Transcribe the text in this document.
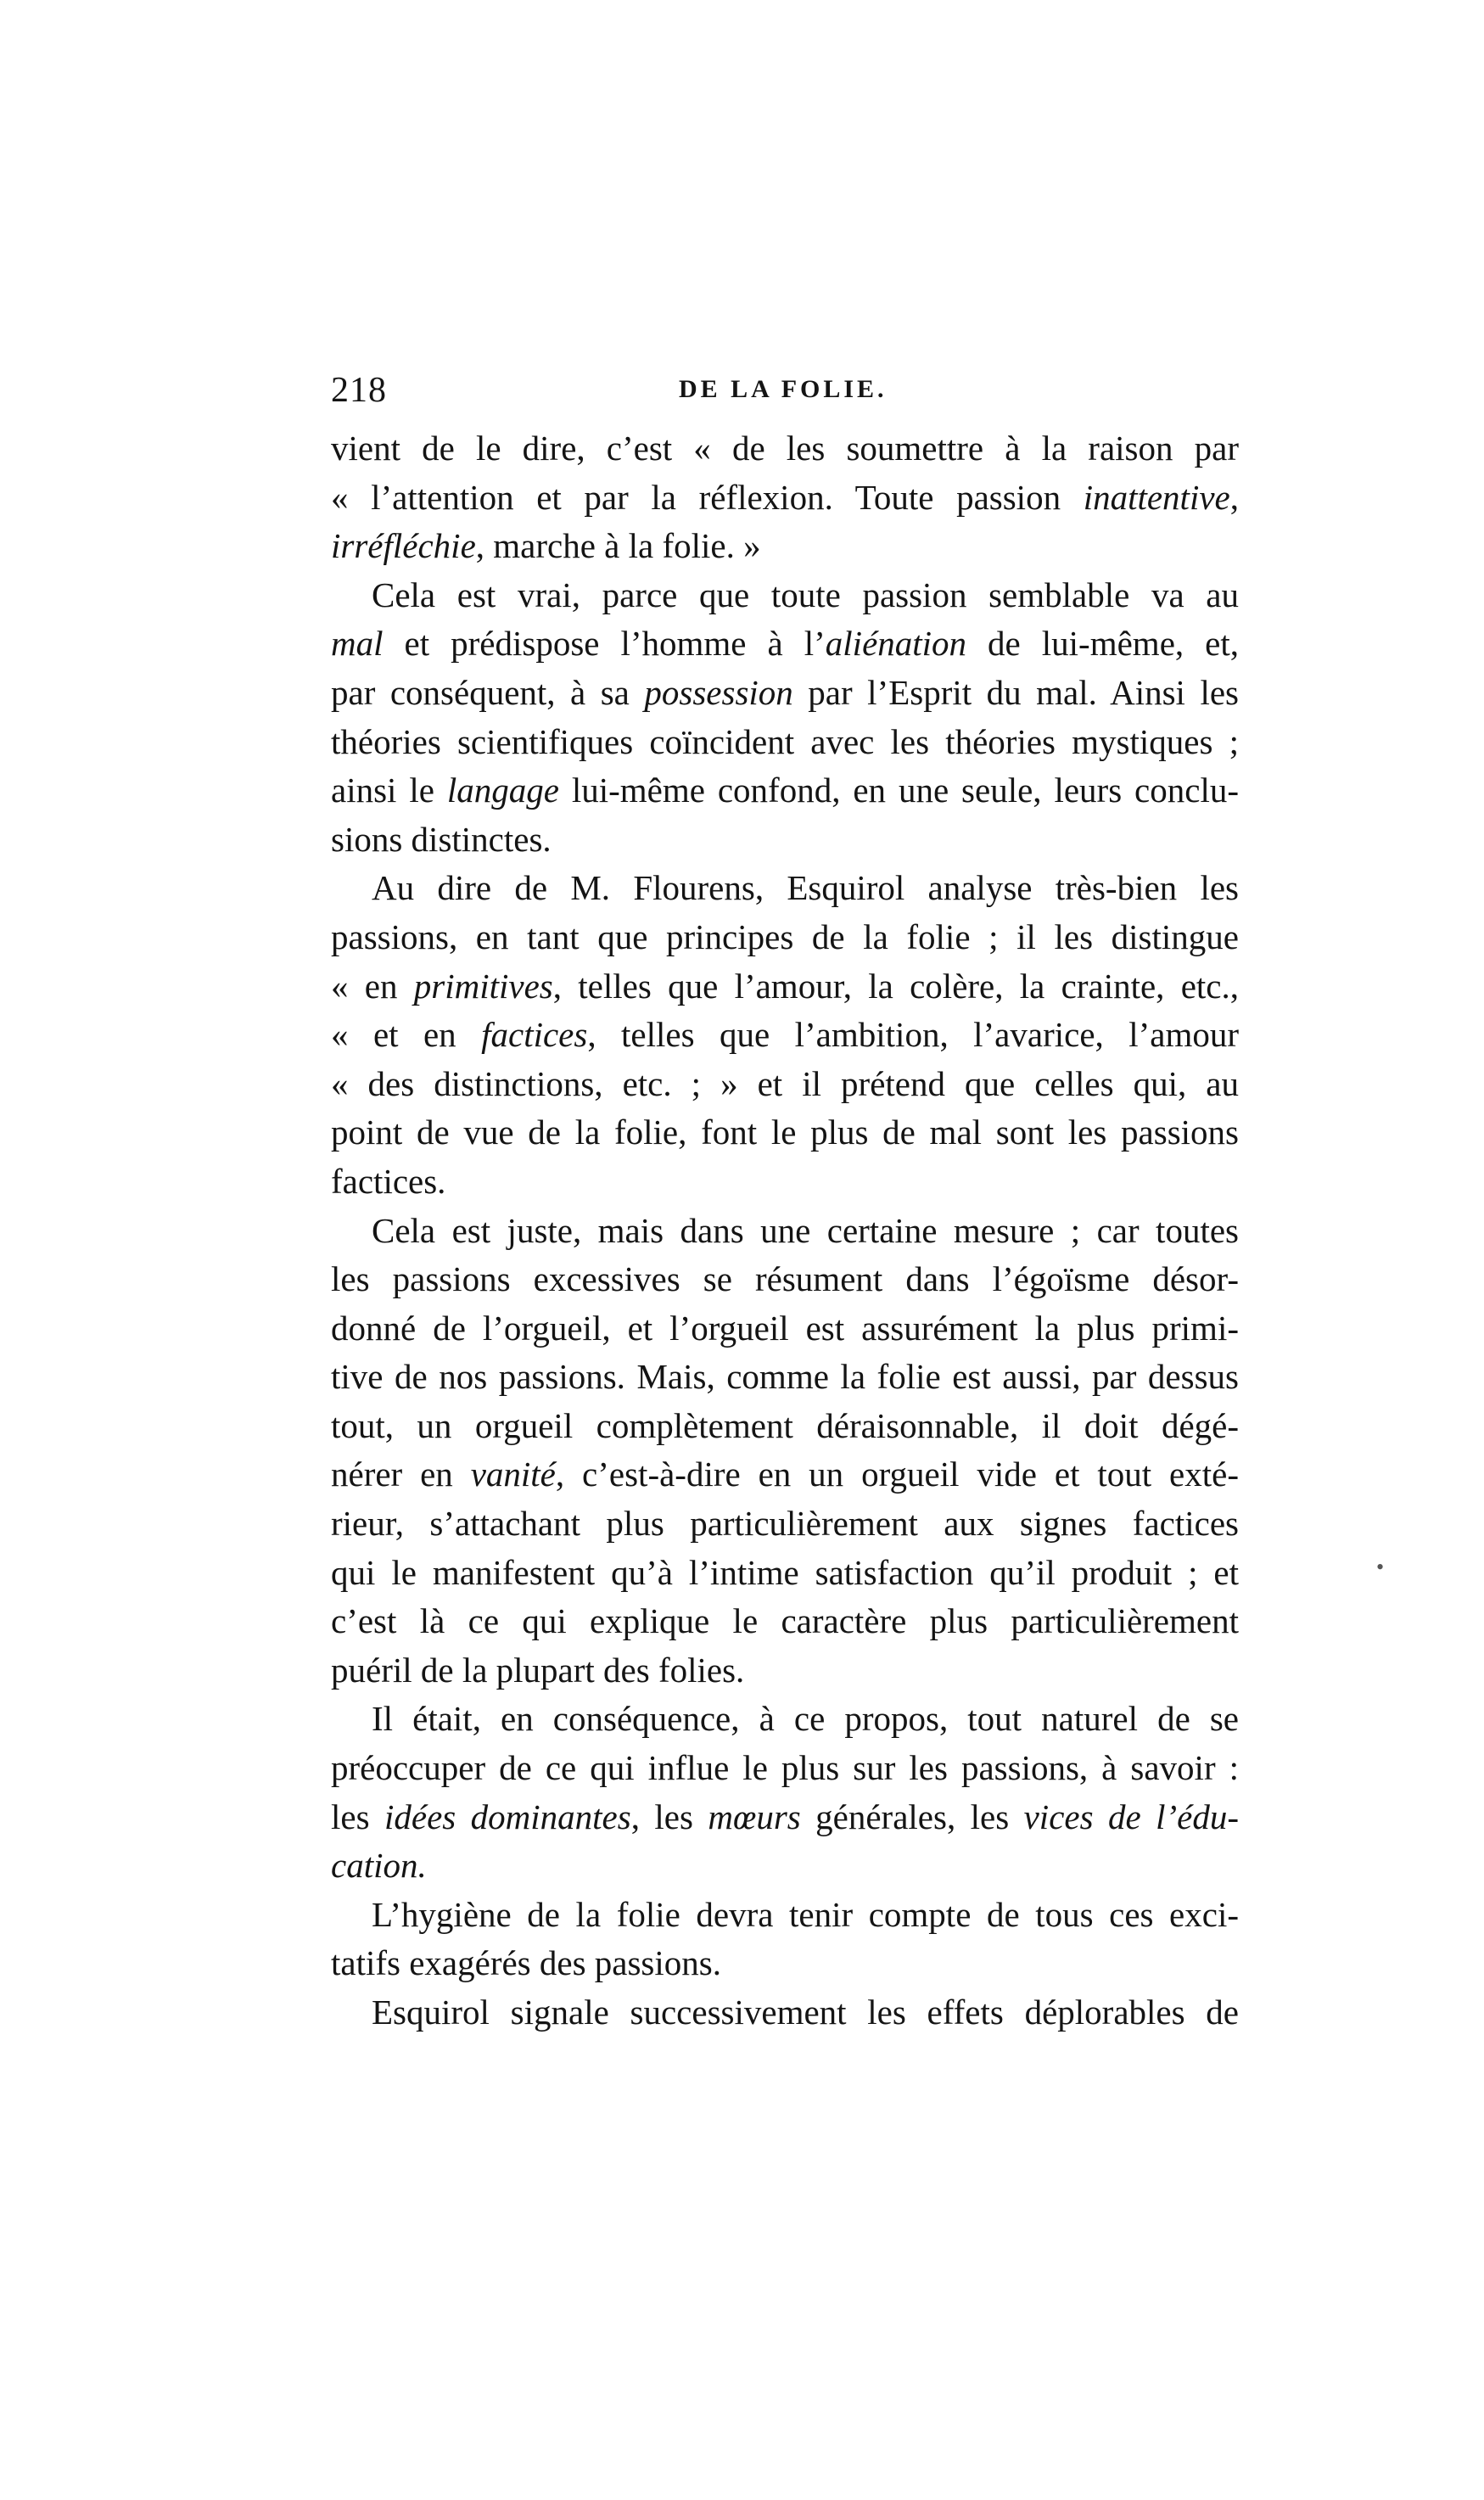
218	DE LA FOLIE.
vient de le dire, c’est « de les soumettre à la raison par
« l’attention et par la réflexion. Toute passion inattentive,
irréfléchie, marche à la folie. »
Cela est vrai, parce que toute passion semblable va au
mal et prédispose l’homme à l’aliénation de lui-même, et,
par conséquent, à sa possession par l’Esprit du mal. Ainsi les
théories scientifiques coïncident avec les théories mystiques ;
ainsi le langage lui-même confond, en une seule, leurs conclu-
sions distinctes.
Au dire de M. Flourens, Esquirol analyse très-bien les
passions, en tant que principes de la folie ; il les distingue
« en primitives, telles que l’amour, la colère, la crainte, etc.,
« et en factices, telles que l’ambition, l’avarice, l’amour
« des distinctions, etc. ; » et il prétend que celles qui, au
point de vue de la folie, font le plus de mal sont les passions
factices.
Cela est juste, mais dans une certaine mesure ; car toutes
les passions excessives se résument dans l’égoïsme désor-
donné de l’orgueil, et l’orgueil est assurément la plus primi-
tive de nos passions. Mais, comme la folie est aussi, par dessus
tout, un orgueil complètement déraisonnable, il doit dégé-
nérer en vanité, c’est-à-dire en un orgueil vide et tout exté-
rieur, s’attachant plus particulièrement aux signes factices
qui le manifestent qu’à l’intime satisfaction qu’il produit ; et
c’est là ce qui explique le caractère plus particulièrement
puéril de la plupart des folies.
Il était, en conséquence, à ce propos, tout naturel de se
préoccuper de ce qui influe le plus sur les passions, à savoir :
les idées dominantes, les mœurs générales, les vices de l’édu-
cation.
L’hygiène de la folie devra tenir compte de tous ces exci-
tatifs exagérés des passions.
Esquirol signale successivement les effets déplorables de
•
